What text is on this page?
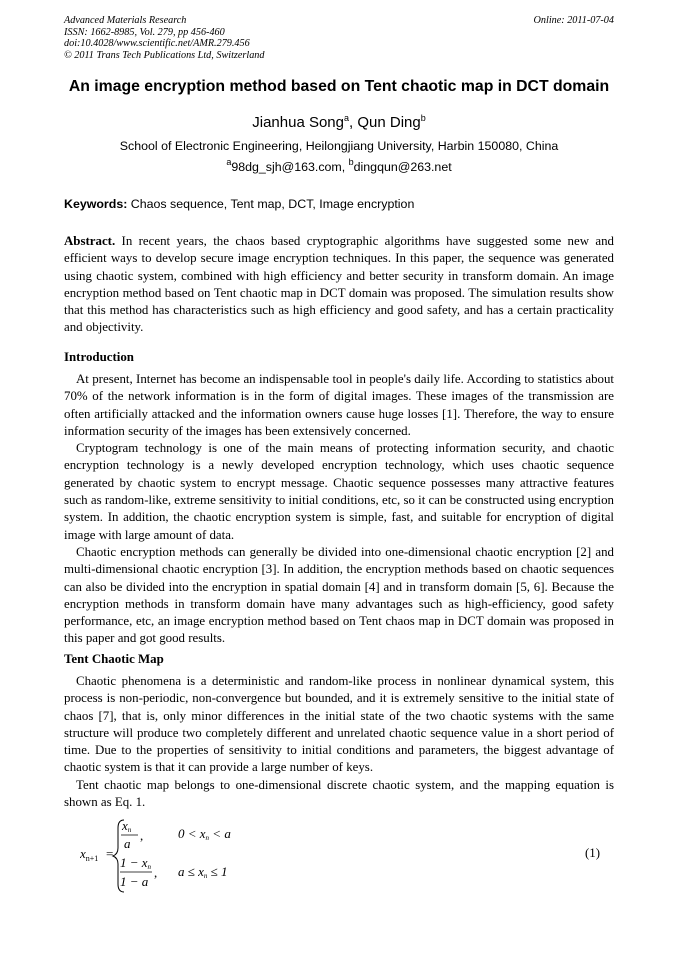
Advanced Materials Research
ISSN: 1662-8985, Vol. 279, pp 456-460
doi:10.4028/www.scientific.net/AMR.279.456
© 2011 Trans Tech Publications Ltd, Switzerland
Online: 2011-07-04
An image encryption method based on Tent chaotic map in DCT domain
Jianhua Song$^a$, Qun Ding$^b$
School of Electronic Engineering, Heilongjiang University, Harbin 150080, China
$^a$98dg_sjh@163.com, $^b$dingqun@263.net
Keywords: Chaos sequence, Tent map, DCT, Image encryption
Abstract. In recent years, the chaos based cryptographic algorithms have suggested some new and efficient ways to develop secure image encryption techniques. In this paper, the sequence was generated using chaotic system, combined with high efficiency and better security in transform domain. An image encryption method based on Tent chaotic map in DCT domain was proposed. The simulation results show that this method has characteristics such as high efficiency and good safety, and has a certain practicality and objectivity.
Introduction

At present, Internet has become an indispensable tool in people's daily life. According to statistics about 70% of the network information is in the form of digital images. These images of the transmission are often artificially attacked and the information owners cause huge losses [1]. Therefore, the way to ensure information security of the images has been extensively concerned.

Cryptogram technology is one of the main means of protecting information security, and chaotic encryption technology is a newly developed encryption technology, which uses chaotic sequence generated by chaotic system to encrypt message. Chaotic sequence possesses many attractive features such as random-like, extreme sensitivity to initial conditions, etc, so it can be constructed using encryption system. In addition, the chaotic encryption system is simple, fast, and suitable for encryption of digital image with large amount of data.

Chaotic encryption methods can generally be divided into one-dimensional chaotic encryption [2] and multi-dimensional chaotic encryption [3]. In addition, the encryption methods based on chaotic sequences can also be divided into the encryption in spatial domain [4] and in transform domain [5, 6]. Because the encryption methods in transform domain have many advantages such as high-efficiency, good safety performance, etc, an image encryption method based on Tent chaos map in DCT domain was proposed in this paper and got good results.

Tent Chaotic Map

Chaotic phenomena is a deterministic and random-like process in nonlinear dynamical system, this process is non-periodic, non-convergence but bounded, and it is extremely sensitive to the initial state of chaos [7], that is, only minor differences in the initial state of the two chaotic systems with the same structure will produce two completely different and unrelated chaotic sequence value in a short period of time. Due to the properties of sensitivity to initial conditions and parameters, the biggest advantage of chaotic system is that it can provide a large number of keys.

Tent chaotic map belongs to one-dimensional discrete chaotic system, and the mapping equation is shown as Eq. 1.

$x_{n+1}$ =
xn
a
,	0 < xn < a
1 − xn
1 − a
, a ≤ xn ≤ 1
(1)
